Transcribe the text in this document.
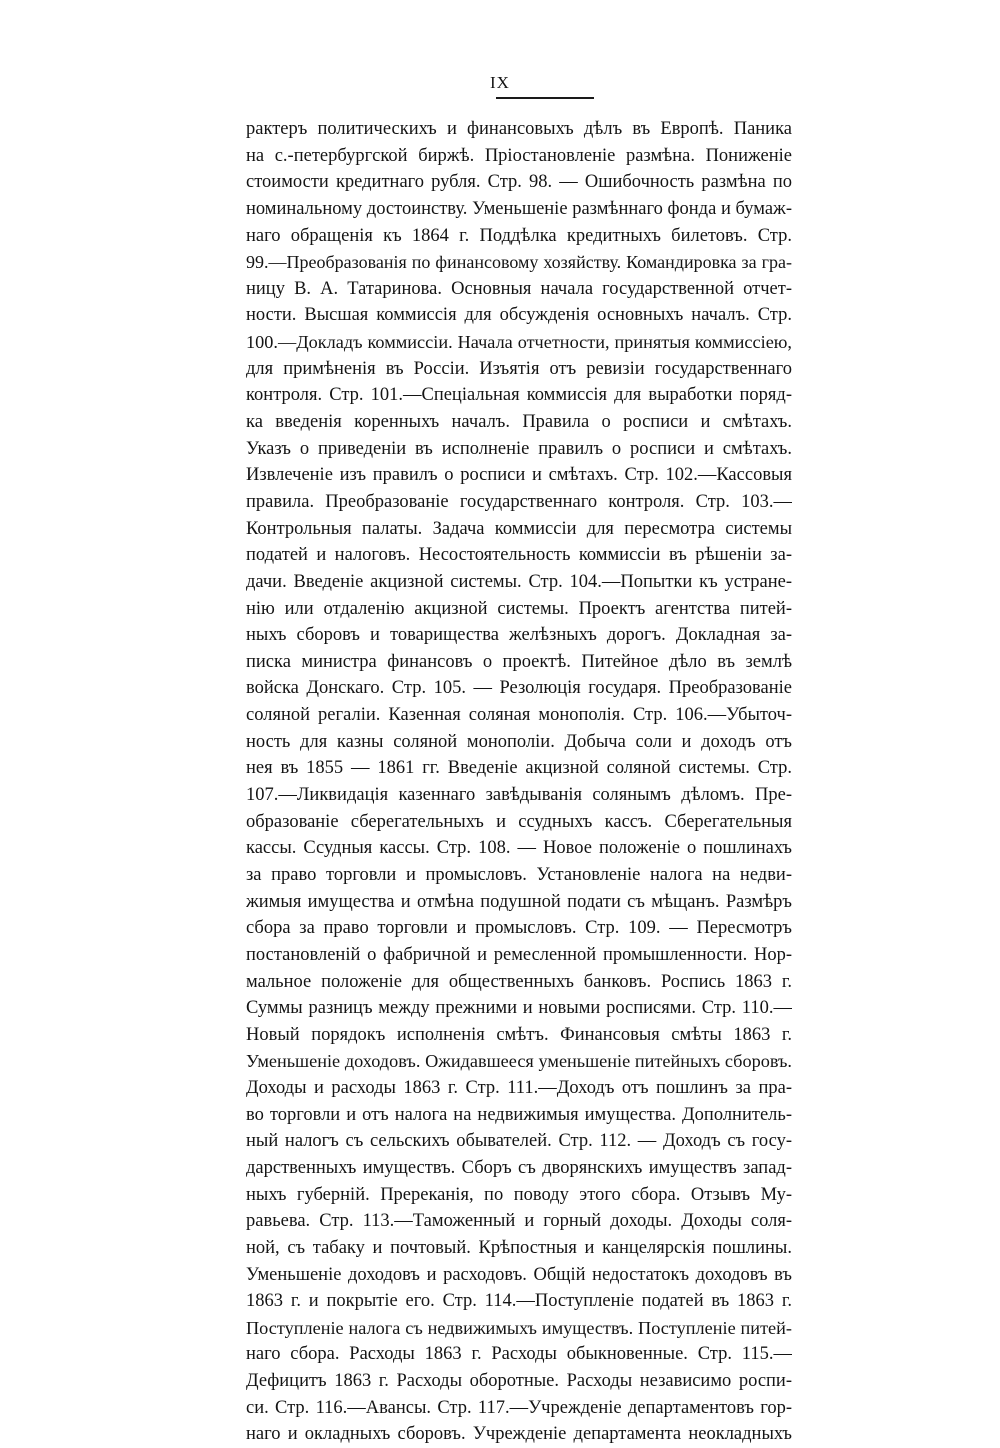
IX
рактеръ политическихъ и финансовыхъ дѣлъ въ Европѣ. Паника
на с.-петербургской биржѣ. Пріостановленіе размѣна. Пониженіе
стоимости кредитнаго рубля. Стр. 98. — Ошибочность размѣна по
номинальному достоинству. Уменьшеніе размѣннаго фонда и бумаж-
наго обращенія къ 1864 г. Поддѣлка кредитныхъ билетовъ. Стр.
99.—Преобразованія по финансовому хозяйству. Командировка за гра-
ницу В. А. Татаринова. Основныя начала государственной отчет-
ности. Высшая коммиссія для обсужденія основныхъ началъ. Стр.
100.—Докладъ коммиссіи. Начала отчетности, принятыя коммиссіею,
для примѣненія въ Россіи. Изъятія отъ ревизіи государственнаго
контроля. Стр. 101.—Спеціальная коммиссія для выработки поряд-
ка введенія коренныхъ началъ. Правила о росписи и смѣтахъ.
Указъ о приведеніи въ исполненіе правилъ о росписи и смѣтахъ.
Извлеченіе изъ правилъ о росписи и смѣтахъ. Стр. 102.—Кассовыя
правила. Преобразованіе государственнаго контроля. Стр. 103.—
Контрольныя палаты. Задача коммиссіи для пересмотра системы
податей и налоговъ. Несостоятельность коммиссіи въ рѣшеніи за-
дачи. Введеніе акцизной системы. Стр. 104.—Попытки къ устране-
нію или отдаленію акцизной системы. Проектъ агентства питей-
ныхъ сборовъ и товарищества желѣзныхъ дорогъ. Докладная за-
писка министра финансовъ о проектѣ. Питейное дѣло въ землѣ
войска Донскаго. Стр. 105. — Резолюція государя. Преобразованіе
соляной регаліи. Казенная соляная монополія. Стр. 106.—Убыточ-
ность для казны соляной монополіи. Добыча соли и доходъ отъ
нея въ 1855 — 1861 гг. Введеніе акцизной соляной системы. Стр.
107.—Ликвидація казеннаго завѣдыванія солянымъ дѣломъ. Пре-
образованіе сберегательныхъ и ссудныхъ кассъ. Сберегательныя
кассы. Ссудныя кассы. Стр. 108. — Новое положеніе о пошлинахъ
за право торговли и промысловъ. Установленіе налога на недви-
жимыя имущества и отмѣна подушной подати съ мѣщанъ. Размѣръ
сбора за право торговли и промысловъ. Стр. 109. — Пересмотръ
постановленій о фабричной и ремесленной промышленности. Нор-
мальное положеніе для общественныхъ банковъ. Роспись 1863 г.
Суммы разницъ между прежними и новыми росписями. Стр. 110.—
Новый порядокъ исполненія смѣтъ. Финансовыя смѣты 1863 г.
Уменьшеніе доходовъ. Ожидавшееся уменьшеніе питейныхъ сборовъ.
Доходы и расходы 1863 г. Стр. 111.—Доходъ отъ пошлинъ за пра-
во торговли и отъ налога на недвижимыя имущества. Дополнитель-
ный налогъ съ сельскихъ обывателей. Стр. 112. — Доходъ съ госу-
дарственныхъ имуществъ. Сборъ съ дворянскихъ имуществъ запад-
ныхъ губерній. Пререканія, по поводу этого сбора. Отзывъ Му-
равьева. Стр. 113.—Таможенный и горный доходы. Доходы соля-
ной, съ табаку и почтовый. Крѣпостныя и канцелярскія пошлины.
Уменьшеніе доходовъ и расходовъ. Общій недостатокъ доходовъ въ
1863 г. и покрытіе его. Стр. 114.—Поступленіе податей въ 1863 г.
Поступленіе налога съ недвижимыхъ имуществъ. Поступленіе питей-
наго сбора. Расходы 1863 г. Расходы обыкновенные. Стр. 115.—
Дефицитъ 1863 г. Расходы оборотные. Расходы независимо роспи-
си. Стр. 116.—Авансы. Стр. 117.—Учрежденіе департаментовъ гор-
наго и окладныхъ сборовъ. Учрежденіе департамента неокладныхъ
